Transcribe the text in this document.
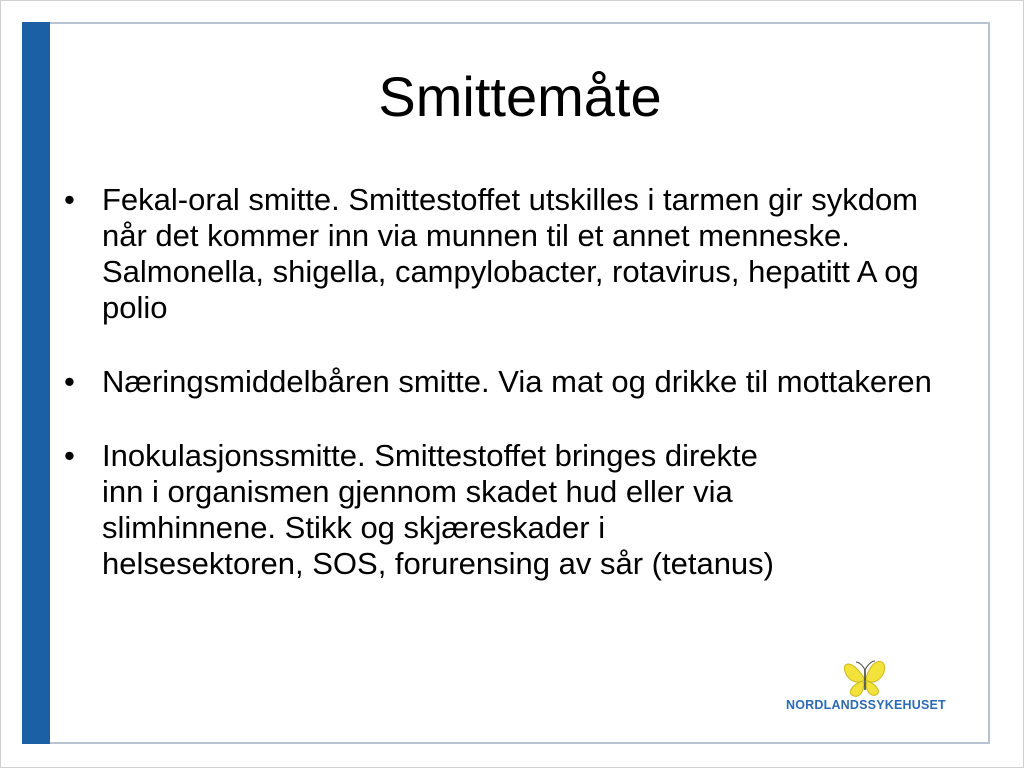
Smittemåte
• Fekal-oral smitte. Smittestoffet utskilles i tarmen gir sykdom når det kommer inn via munnen til et annet menneske. Salmonella, shigella, campylobacter, rotavirus, hepatitt A og polio
• Næringsmiddelbåren smitte. Via mat og drikke til mottakeren
• Inokulasjonssmitte. Smittestoffet bringes direkte inn i organismen gjennom skadet hud eller via slimhinnene. Stikk og skjæreskader i helsesektoren, SOS, forurensing av sår (tetanus)
NORDLANDSSYKEHUSET
